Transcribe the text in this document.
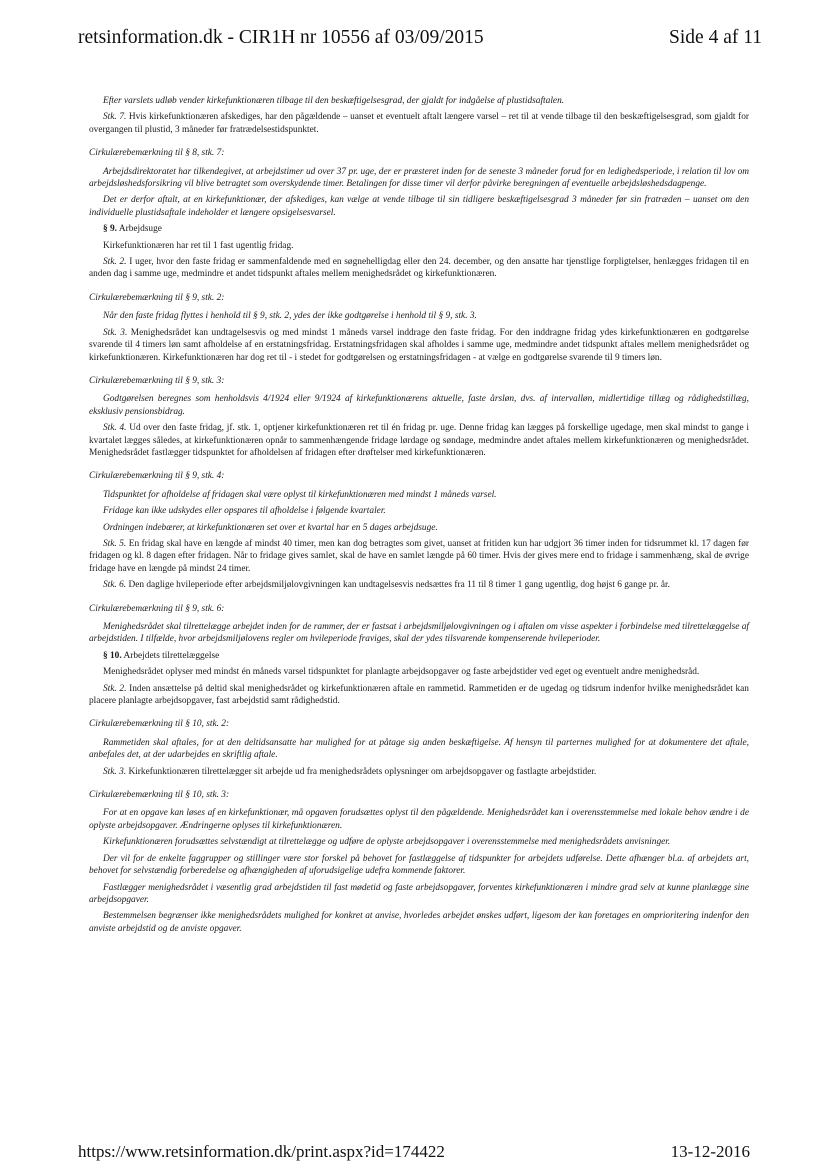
retsinformation.dk - CIR1H nr 10556 af 03/09/2015	Side 4 af 11

Efter varslets udløb vender kirkefunktionæren tilbage til den beskæftigelsesgrad, der gjaldt for indgåelse af plustidsaftalen.

Stk. 7. Hvis kirkefunktionæren afskediges, har den pågældende – uanset et eventuelt aftalt længere varsel – ret til at vende tilbage til den beskæftigelsesgrad, som gjaldt for overgangen til plustid, 3 måneder før fratrædelsestidspunktet.

Cirkulærebemærkning til § 8, stk. 7:

Arbejdsdirektoratet har tilkendegivet, at arbejdstimer ud over 37 pr. uge, der er præsteret inden for de seneste 3 måneder forud for en ledighedsperiode, i relation til lov om arbejdsløshedsforsikring vil blive betragtet som overskydende timer. Betalingen for disse timer vil derfor påvirke beregningen af eventuelle arbejdsløshedsdagpenge.

Det er derfor aftalt, at en kirkefunktionær, der afskediges, kan vælge at vende tilbage til sin tidligere beskæftigelsesgrad 3 måneder før sin fratræden – uanset om den individuelle plustidsaftale indeholder et længere opsigelsesvarsel.

§ 9. Arbejdsuge

Kirkefunktionæren har ret til 1 fast ugentlig fridag.

Stk. 2. I uger, hvor den faste fridag er sammenfaldende med en søgnehelligdag eller den 24. december, og den ansatte har tjenstlige forpligtelser, henlægges fridagen til en anden dag i samme uge, medmindre et andet tidspunkt aftales mellem menighedsrådet og kirkefunktionæren.

Cirkulærebemærkning til § 9, stk. 2:

Når den faste fridag flyttes i henhold til § 9, stk. 2, ydes der ikke godtgørelse i henhold til § 9, stk. 3.

Stk. 3. Menighedsrådet kan undtagelsesvis og med mindst 1 måneds varsel inddrage den faste fridag. For den inddragne fridag ydes kirkefunktionæren en godtgørelse svarende til 4 timers løn samt afholdelse af en erstatningsfridag. Erstatningsfridagen skal afholdes i samme uge, medmindre andet tidspunkt aftales mellem menighedsrådet og kirkefunktionæren. Kirkefunktionæren har dog ret til - i stedet for godtgørelsen og erstatningsfridagen - at vælge en godtgørelse svarende til 9 timers løn.

Cirkulærebemærkning til § 9, stk. 3:

Godtgørelsen beregnes som henholdsvis 4/1924 eller 9/1924 af kirkefunktionærens aktuelle, faste årsløn, dvs. af intervalløn, midlertidige tillæg og rådighedstillæg, eksklusiv pensionsbidrag.

Stk. 4. Ud over den faste fridag, jf. stk. 1, optjener kirkefunktionæren ret til én fridag pr. uge. Denne fridag kan lægges på forskellige ugedage, men skal mindst to gange i kvartalet lægges således, at kirkefunktionæren opnår to sammenhængende fridage lørdage og søndage, medmindre andet aftales mellem kirkefunktionæren og menighedsrådet. Menighedsrådet fastlægger tidspunktet for afholdelsen af fridagen efter drøftelser med kirkefunktionæren.

Cirkulærebemærkning til § 9, stk. 4:

Tidspunktet for afholdelse af fridagen skal være oplyst til kirkefunktionæren med mindst 1 måneds varsel.

Fridage kan ikke udskydes eller opspares til afholdelse i følgende kvartaler.

Ordningen indebærer, at kirkefunktionæren set over et kvartal har en 5 dages arbejdsuge.

Stk. 5. En fridag skal have en længde af mindst 40 timer, men kan dog betragtes som givet, uanset at fritiden kun har udgjort 36 timer inden for tidsrummet kl. 17 dagen før fridagen og kl. 8 dagen efter fridagen. Når to fridage gives samlet, skal de have en samlet længde på 60 timer. Hvis der gives mere end to fridage i sammenhæng, skal de øvrige fridage have en længde på mindst 24 timer.

Stk. 6. Den daglige hvileperiode efter arbejdsmiljølovgivningen kan undtagelsesvis nedsættes fra 11 til 8 timer 1 gang ugentlig, dog højst 6 gange pr. år.

Cirkulærebemærkning til § 9, stk. 6:

Menighedsrådet skal tilrettelægge arbejdet inden for de rammer, der er fastsat i arbejdsmiljølovgivningen og i aftalen om visse aspekter i forbindelse med tilrettelæggelse af arbejdstiden. I tilfælde, hvor arbejdsmiljølovens regler om hvileperiode fraviges, skal der ydes tilsvarende kompenserende hvileperioder.

§ 10. Arbejdets tilrettelæggelse

Menighedsrådet oplyser med mindst én måneds varsel tidspunktet for planlagte arbejdsopgaver og faste arbejdstider ved eget og eventuelt andre menighedsråd.

Stk. 2. Inden ansættelse på deltid skal menighedsrådet og kirkefunktionæren aftale en rammetid. Rammetiden er de ugedag og tidsrum indenfor hvilke menighedsrådet kan placere planlagte arbejdsopgaver, fast arbejdstid samt rådighedstid.

Cirkulærebemærkning til § 10, stk. 2:

Rammetiden skal aftales, for at den deltidsansatte har mulighed for at påtage sig anden beskæftigelse. Af hensyn til parternes mulighed for at dokumentere det aftale, anbefales det, at der udarbejdes en skriftlig aftale.

Stk. 3. Kirkefunktionæren tilrettelægger sit arbejde ud fra menighedsrådets oplysninger om arbejdsopgaver og fastlagte arbejdstider.

Cirkulærebemærkning til § 10, stk. 3:

For at en opgave kan løses af en kirkefunktionær, må opgaven forudsættes oplyst til den pågældende. Menighedsrådet kan i overensstemmelse med lokale behov ændre i de oplyste arbejdsopgaver. Ændringerne oplyses til kirkefunktionæren.

Kirkefunktionæren forudsættes selvstændigt at tilrettelægge og udføre de oplyste arbejdsopgaver i overensstemmelse med menighedsrådets anvisninger.

Der vil for de enkelte faggrupper og stillinger være stor forskel på behovet for fastlæggelse af tidspunkter for arbejdets udførelse. Dette afhænger bl.a. af arbejdets art, behovet for selvstændig forberedelse og afhængigheden af uforudsigelige udefra kommende faktorer.

Fastlægger menighedsrådet i væsentlig grad arbejdstiden til fast mødetid og faste arbejdsopgaver, forventes kirkefunktionæren i mindre grad selv at kunne planlægge sine arbejdsopgaver.

Bestemmelsen begrænser ikke menighedsrådets mulighed for konkret at anvise, hvorledes arbejdet ønskes udført, ligesom der kan foretages en omprioritering indenfor den anviste arbejdstid og de anviste opgaver.

https://www.retsinformation.dk/print.aspx?id=174422	13-12-2016
